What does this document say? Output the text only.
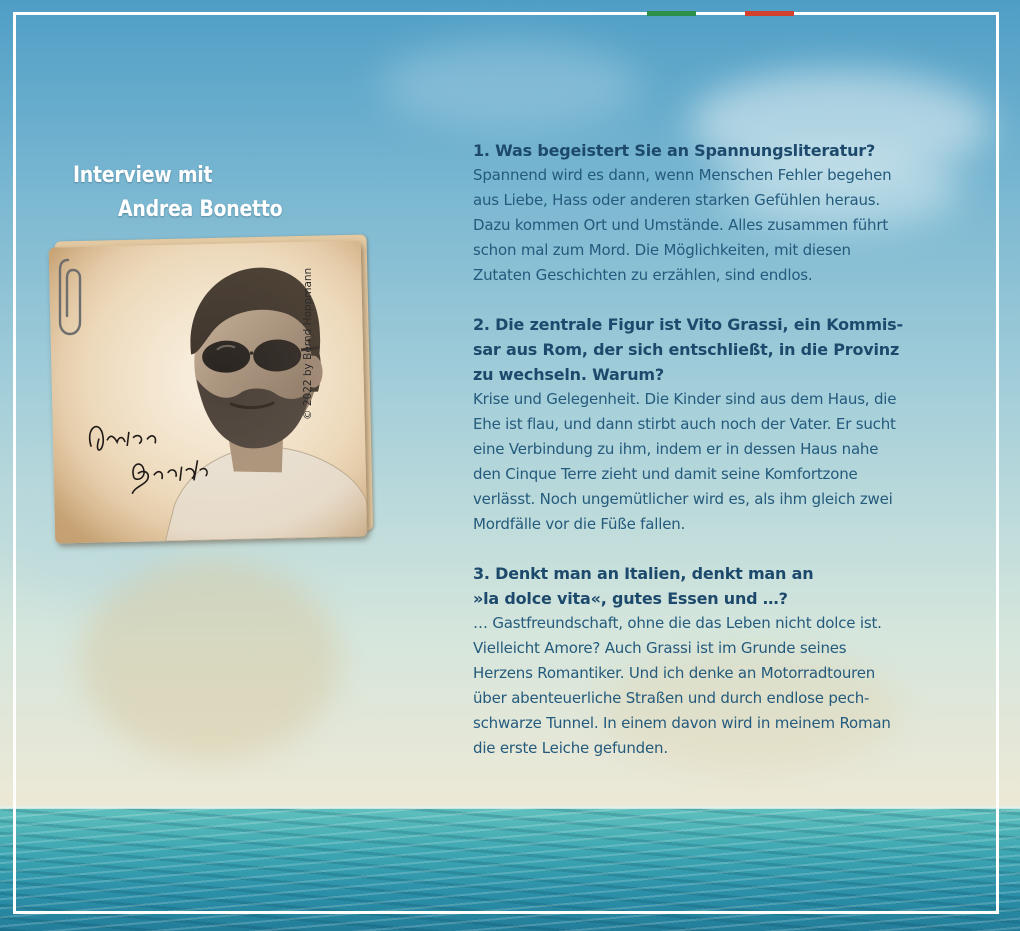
Interview mit
Andrea Bonetto
© 2022 by Bernd Hoppmann
1. Was begeistert Sie an Spannungsliteratur?
Spannend wird es dann, wenn Menschen Fehler begehen
aus Liebe, Hass oder anderen starken Gefühlen heraus.
Dazu kommen Ort und Umstände. Alles zusammen führt
schon mal zum Mord. Die Möglichkeiten, mit diesen
Zutaten Geschichten zu erzählen, sind endlos.
2. Die zentrale Figur ist Vito Grassi, ein Kommis-
sar aus Rom, der sich entschließt, in die Provinz
zu wechseln. Warum?
Krise und Gelegenheit. Die Kinder sind aus dem Haus, die
Ehe ist flau, und dann stirbt auch noch der Vater. Er sucht
eine Verbindung zu ihm, indem er in dessen Haus nahe
den Cinque Terre zieht und damit seine Komfortzone
verlässt. Noch ungemütlicher wird es, als ihm gleich zwei
Mordfälle vor die Füße fallen.
3. Denkt man an Italien, denkt man an
»la dolce vita«, gutes Essen und …?
… Gastfreundschaft, ohne die das Leben nicht dolce ist.
Vielleicht Amore? Auch Grassi ist im Grunde seines
Herzens Romantiker. Und ich denke an Motorradtouren
über abenteuerliche Straßen und durch endlose pech-
schwarze Tunnel. In einem davon wird in meinem Roman
die erste Leiche gefunden.
